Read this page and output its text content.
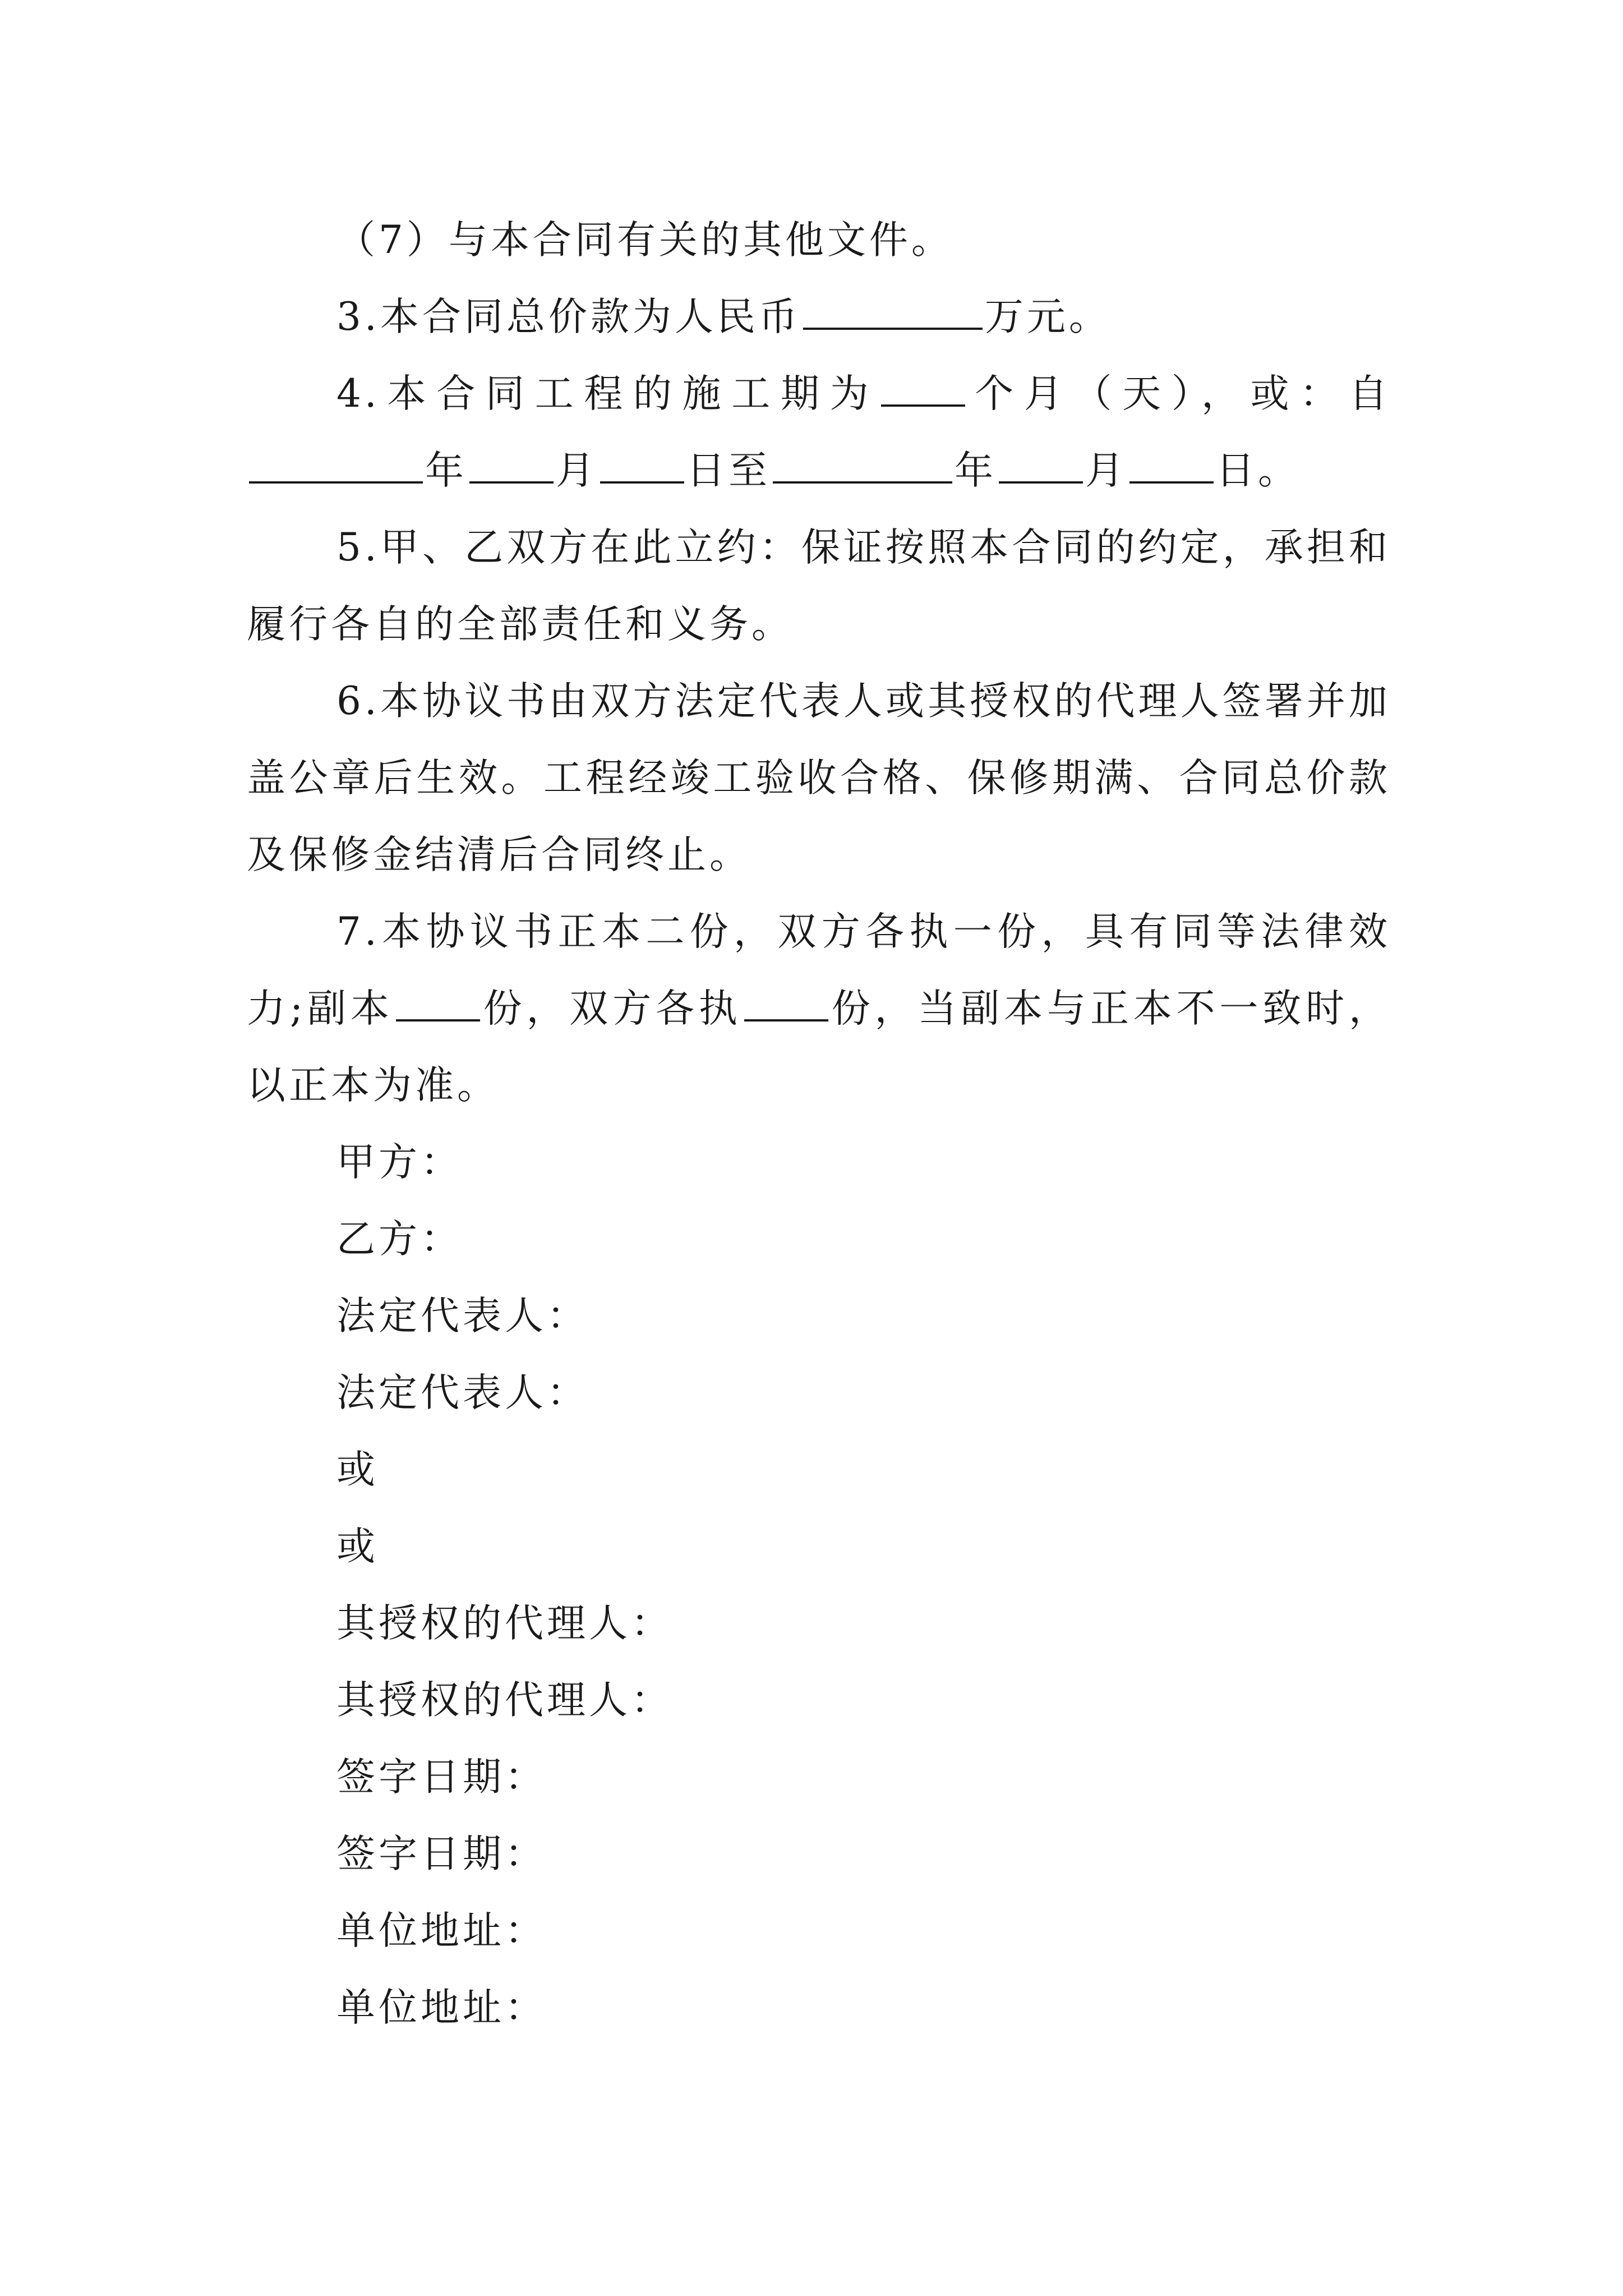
（7）与本合同有关的其他文件。

3.本合同总价款为人民币	万元。

4.本合同工程的施工期为 个月（天），或：自年 月 日至	年 月 日。

5.甲、乙双方在此立约：保证按照本合同的约定，承担和履行各自的全部责任和义务。

6.本协议书由双方法定代表人或其授权的代理人签署并加盖公章后生效。工程经竣工验收合格、保修期满、合同总价款及保修金结清后合同终止。

7.本协议书正本二份，双方各执一份，具有同等法律效力;副本 份，双方各执 份，当副本与正本不一致时，以正本为准。

甲方：

乙方：

法定代表人：

法定代表人：

或

或

其授权的代理人：

其授权的代理人：

签字日期：

签字日期：

单位地址：

单位地址：
